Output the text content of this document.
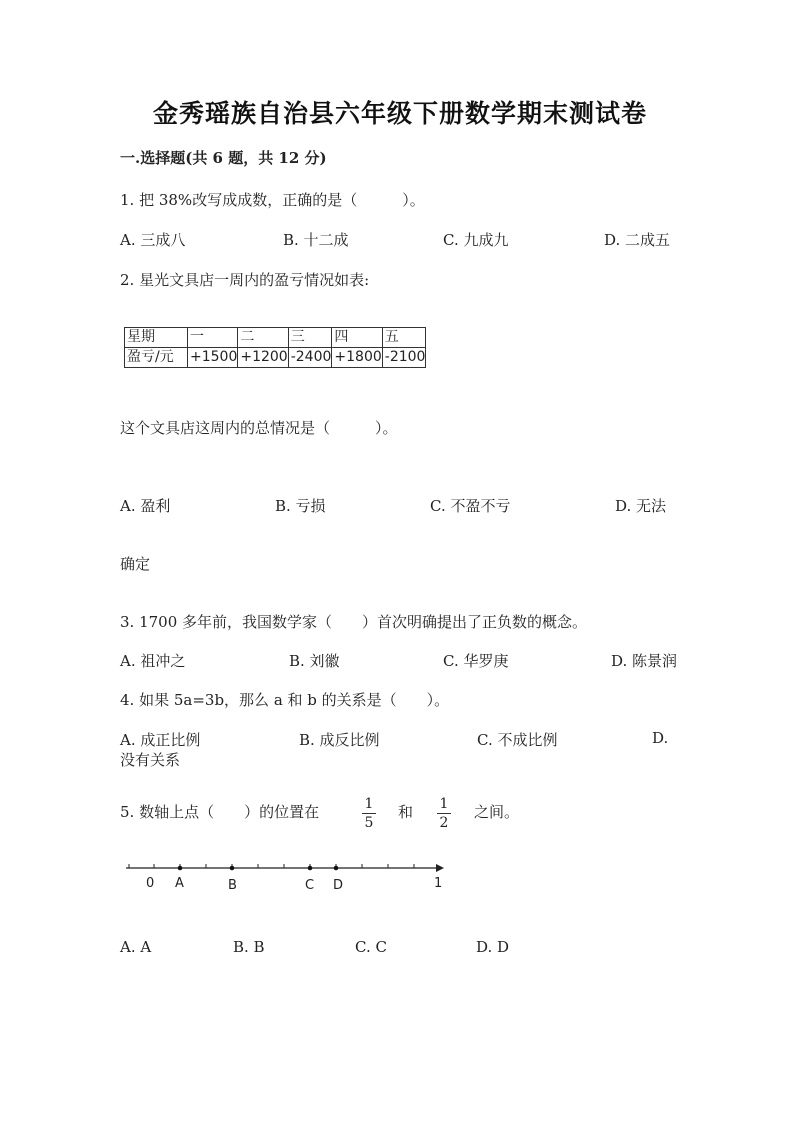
金秀瑶族自治县六年级下册数学期末测试卷
一.选择题(共 6 题，共 12 分)
1. 把 38%改写成成数，正确的是（　　　）。
A. 三成八	B. 十二成	C. 九成九	D. 二成五
2. 星光文具店一周内的盈亏情况如表:
星期	一	二	三	四	五
盈亏/元	+1500	+1200	-2400	+1800	-2100
这个文具店这周内的总情况是（　　　）。
A. 盈利	B. 亏损	C. 不盈不亏	D. 无法
确定
3. 1700 多年前，我国数学家（　　）首次明确提出了正负数的概念。
A. 祖冲之	B. 刘徽	C. 华罗庚	D. 陈景润
4. 如果 5a=3b，那么 a 和 b 的关系是（　　）。
A. 成正比例	B. 成反比例	C. 不成比例	D.
没有关系
5. 数轴上点（　　）的位置在	1
5
和 1
2
之间。
0 A	B	C D	1
A. A	B. B	C. C	D. D
